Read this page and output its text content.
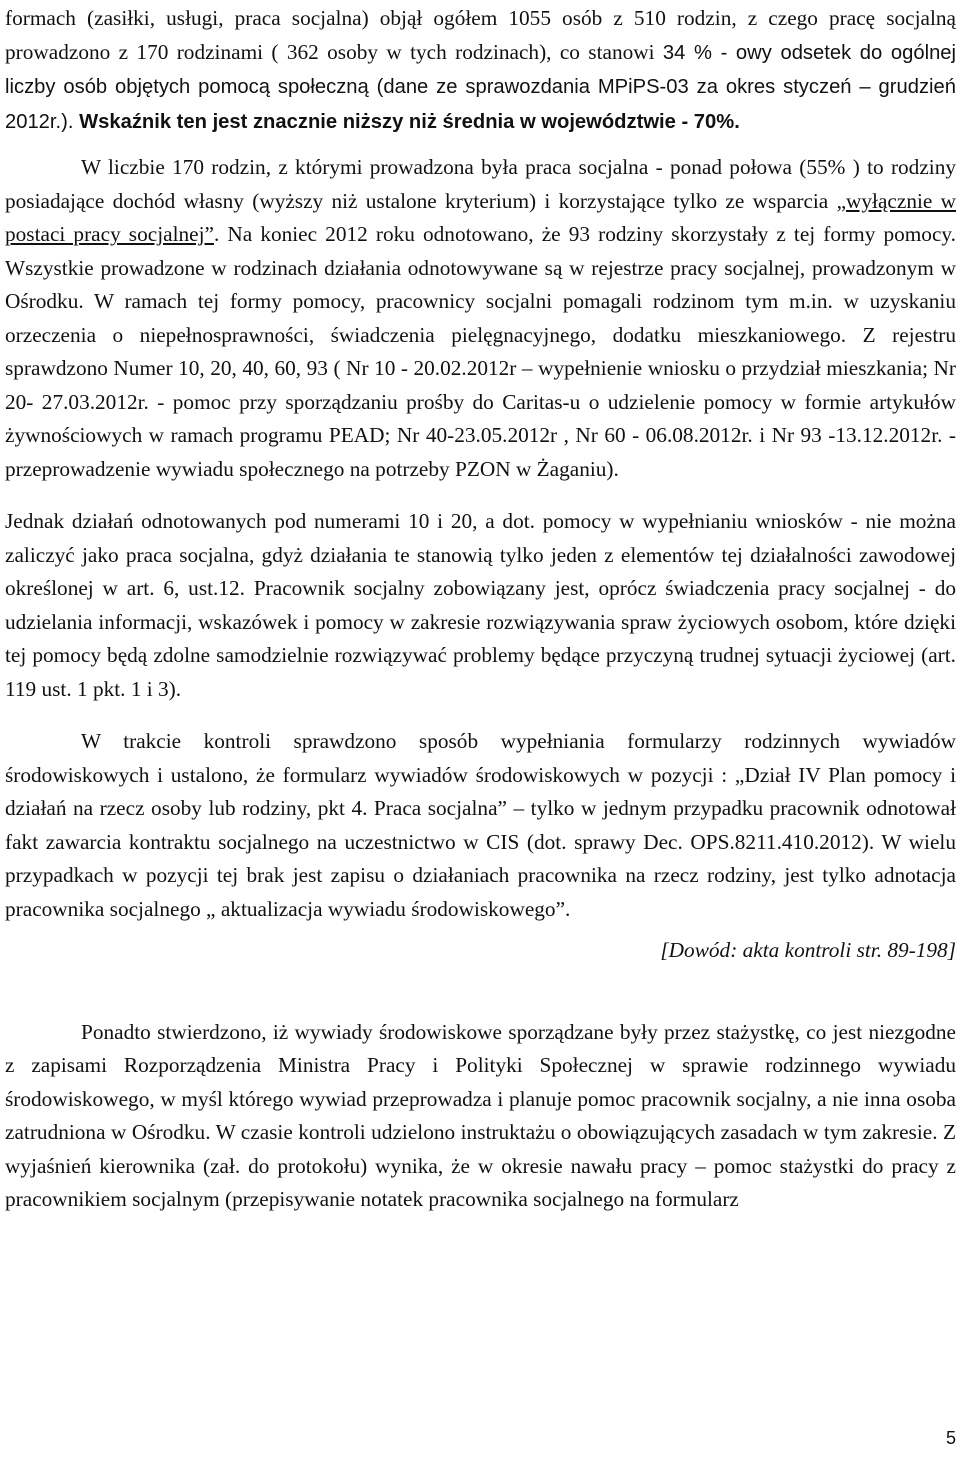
formach (zasiłki, usługi, praca socjalna) objął ogółem 1055 osób z 510 rodzin, z czego pracę socjalną prowadzono z 170 rodzinami ( 362 osoby w tych rodzinach), co stanowi 34 % - owy odsetek do ogólnej liczby osób objętych pomocą społeczną (dane ze sprawozdania MPiPS-03 za okres styczeń – grudzień 2012r.). Wskaźnik ten jest znacznie niższy niż średnia w województwie - 70%.

W liczbie 170 rodzin, z którymi prowadzona była praca socjalna - ponad połowa (55% ) to rodziny posiadające dochód własny (wyższy niż ustalone kryterium) i korzystające tylko ze wsparcia „wyłącznie w postaci pracy socjalnej”. Na koniec 2012 roku odnotowano, że 93 rodziny skorzystały z tej formy pomocy. Wszystkie prowadzone w rodzinach działania odnotowywane są w rejestrze pracy socjalnej, prowadzonym w Ośrodku. W ramach tej formy pomocy, pracownicy socjalni pomagali rodzinom tym m.in. w uzyskaniu orzeczenia o niepełnosprawności, świadczenia pielęgnacyjnego, dodatku mieszkaniowego. Z rejestru sprawdzono Numer 10, 20, 40, 60, 93 ( Nr 10 - 20.02.2012r – wypełnienie wniosku o przydział mieszkania; Nr 20- 27.03.2012r. - pomoc przy sporządzaniu prośby do Caritas-u o udzielenie pomocy w formie artykułów żywnościowych w ramach programu PEAD; Nr 40-23.05.2012r , Nr 60 - 06.08.2012r. i Nr 93 -13.12.2012r. - przeprowadzenie wywiadu społecznego na potrzeby PZON w Żaganiu).

Jednak działań odnotowanych pod numerami 10 i 20, a dot. pomocy w wypełnianiu wniosków - nie można zaliczyć jako praca socjalna, gdyż działania te stanowią tylko jeden z elementów tej działalności zawodowej określonej w art. 6, ust.12. Pracownik socjalny zobowiązany jest, oprócz świadczenia pracy socjalnej - do udzielania informacji, wskazówek i pomocy w zakresie rozwiązywania spraw życiowych osobom, które dzięki tej pomocy będą zdolne samodzielnie rozwiązywać problemy będące przyczyną trudnej sytuacji życiowej (art. 119 ust. 1 pkt. 1 i 3).

W trakcie kontroli sprawdzono sposób wypełniania formularzy rodzinnych wywiadów środowiskowych i ustalono, że formularz wywiadów środowiskowych w pozycji : „Dział IV Plan pomocy i działań na rzecz osoby lub rodziny, pkt 4. Praca socjalna” – tylko w jednym przypadku pracownik odnotował fakt zawarcia kontraktu socjalnego na uczestnictwo w CIS (dot. sprawy Dec. OPS.8211.410.2012). W wielu przypadkach w pozycji tej brak jest zapisu o działaniach pracownika na rzecz rodziny, jest tylko adnotacja pracownika socjalnego „ aktualizacja wywiadu środowiskowego”.

[Dowód: akta kontroli str. 89-198]

Ponadto stwierdzono, iż wywiady środowiskowe sporządzane były przez stażystkę, co jest niezgodne z zapisami Rozporządzenia Ministra Pracy i Polityki Społecznej w sprawie rodzinnego wywiadu środowiskowego, w myśl którego wywiad przeprowadza i planuje pomoc pracownik socjalny, a nie inna osoba zatrudniona w Ośrodku. W czasie kontroli udzielono instruktażu o obowiązujących zasadach w tym zakresie. Z wyjaśnień kierownika (zał. do protokołu) wynika, że w okresie nawału pracy – pomoc stażystki do pracy z pracownikiem socjalnym (przepisywanie notatek pracownika socjalnego na formularz

5
